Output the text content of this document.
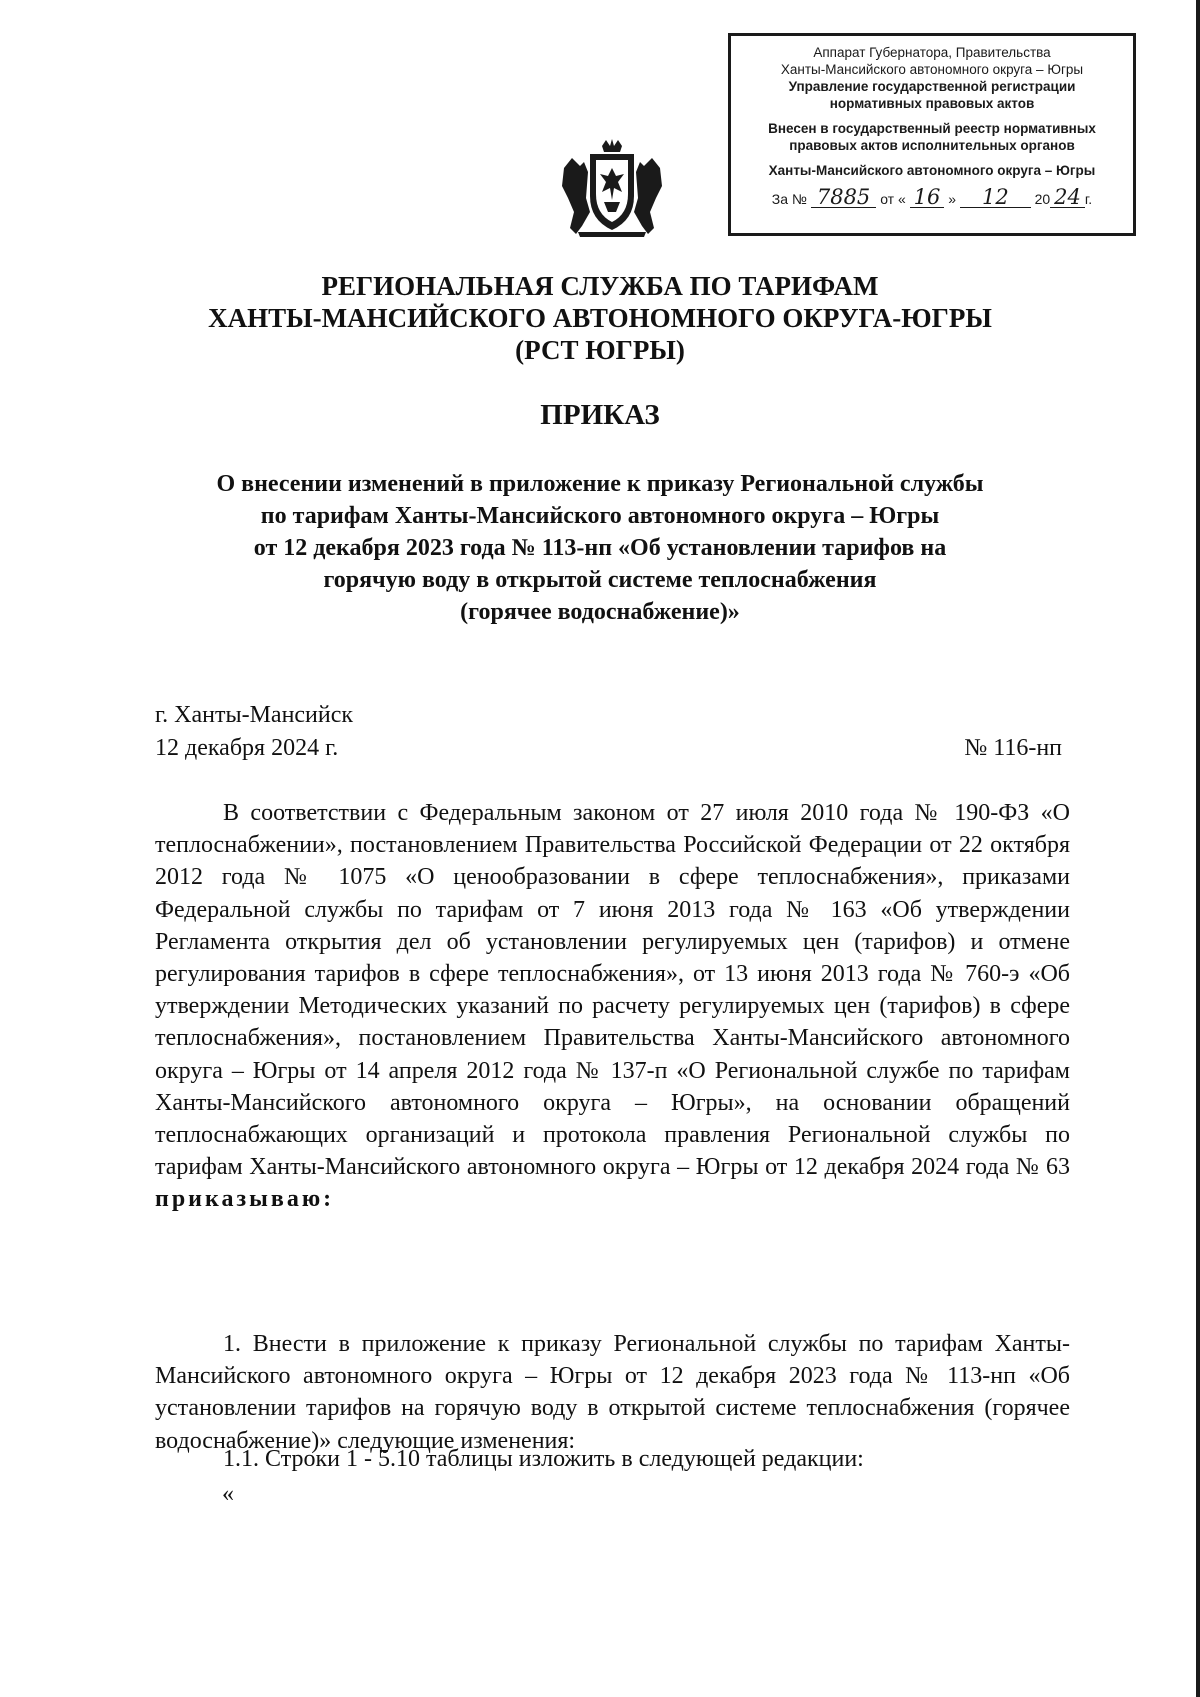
Аппарат Губернатора, Правительства
Ханты-Мансийского автономного округа – Югры
Управление государственной регистрации
нормативных правовых актов
Внесен в государственный реестр нормативных
правовых актов исполнительных органов
Ханты-Мансийского автономного округа – Югры
За № 7885 от « 16 » 12 20 24 г.
РЕГИОНАЛЬНАЯ СЛУЖБА ПО ТАРИФАМ
ХАНТЫ-МАНСИЙСКОГО АВТОНОМНОГО ОКРУГА-ЮГРЫ
(РСТ ЮГРЫ)
ПРИКАЗ
О внесении изменений в приложение к приказу Региональной службы
по тарифам Ханты-Мансийского автономного округа – Югры
от 12 декабря 2023 года № 113-нп «Об установлении тарифов на
горячую воду в открытой системе теплоснабжения
(горячее водоснабжение)»
г. Ханты-Мансийск
12 декабря 2024 г.	№ 116-нп
В соответствии с Федеральным законом от 27 июля 2010 года № 190-ФЗ «О теплоснабжении», постановлением Правительства Российской Федерации от 22 октября 2012 года № 1075 «О ценообразовании в сфере теплоснабжения», приказами Федеральной службы по тарифам от 7 июня 2013 года № 163 «Об утверждении Регламента открытия дел об установлении регулируемых цен (тарифов) и отмене регулирования тарифов в сфере теплоснабжения», от 13 июня 2013 года № 760-э «Об утверждении Методических указаний по расчету регулируемых цен (тарифов) в сфере теплоснабжения», постановлением Правительства Ханты-Мансийского автономного округа – Югры от 14 апреля 2012 года № 137-п «О Региональной службе по тарифам Ханты-Мансийского автономного округа – Югры», на основании обращений теплоснабжающих организаций и протокола правления Региональной службы по тарифам Ханты-Мансийского автономного округа – Югры от 12 декабря 2024 года № 63 приказываю:
1. Внести в приложение к приказу Региональной службы по тарифам Ханты-Мансийского автономного округа – Югры от 12 декабря 2023 года № 113-нп «Об установлении тарифов на горячую воду в открытой системе теплоснабжения (горячее водоснабжение)» следующие изменения:
1.1. Строки 1 - 5.10 таблицы изложить в следующей редакции:
«
